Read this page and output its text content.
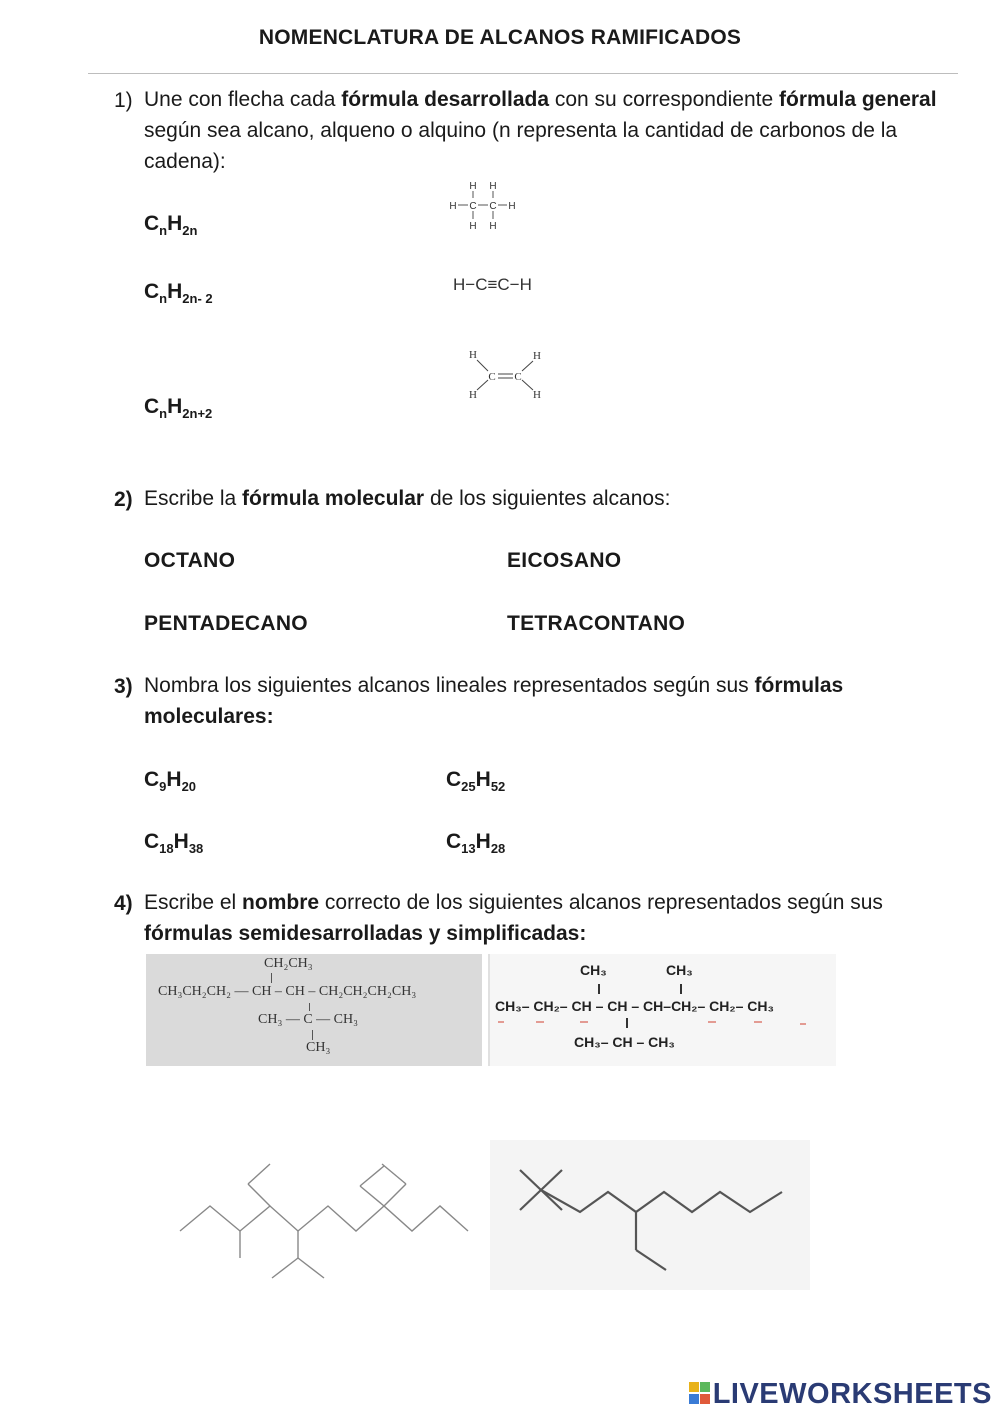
NOMENCLATURA DE ALCANOS RAMIFICADOS
1) Une con flecha cada fórmula desarrollada con su correspondiente fórmula general según sea alcano, alqueno o alquino (n representa la cantidad de carbonos de la cadena):
$C_nH_{2n}$
$C_nH_{2n- 2}$
$C_nH_{2n+2}$
H H
H C C H
H H
H−C≡C−H
H	H
H	H
C C
2) Escribe la fórmula molecular de los siguientes alcanos:
OCTANO	EICOSANO
PENTADECANO	TETRACONTANO
3) Nombra los siguientes alcanos lineales representados según sus fórmulas moleculares:
$C_9H_{20}$	$C_{25}H_{52}$
$C_{18}H_{38}$	$C_{13}H_{28}$
4) Escribe el nombre correcto de los siguientes alcanos representados según sus fórmulas semidesarrolladas y simplificadas:
CH₂CH₃
CH₃CH₂CH₂ — CH – CH – CH₂CH₂CH₂CH₃
CH₃ — C — CH₃
CH₃
CH₃	CH₃
CH₃– CH₂– CH – CH – CH–CH₂– CH₂– CH₃
CH₃– CH – CH₃
LIVEWORKSHEETS
